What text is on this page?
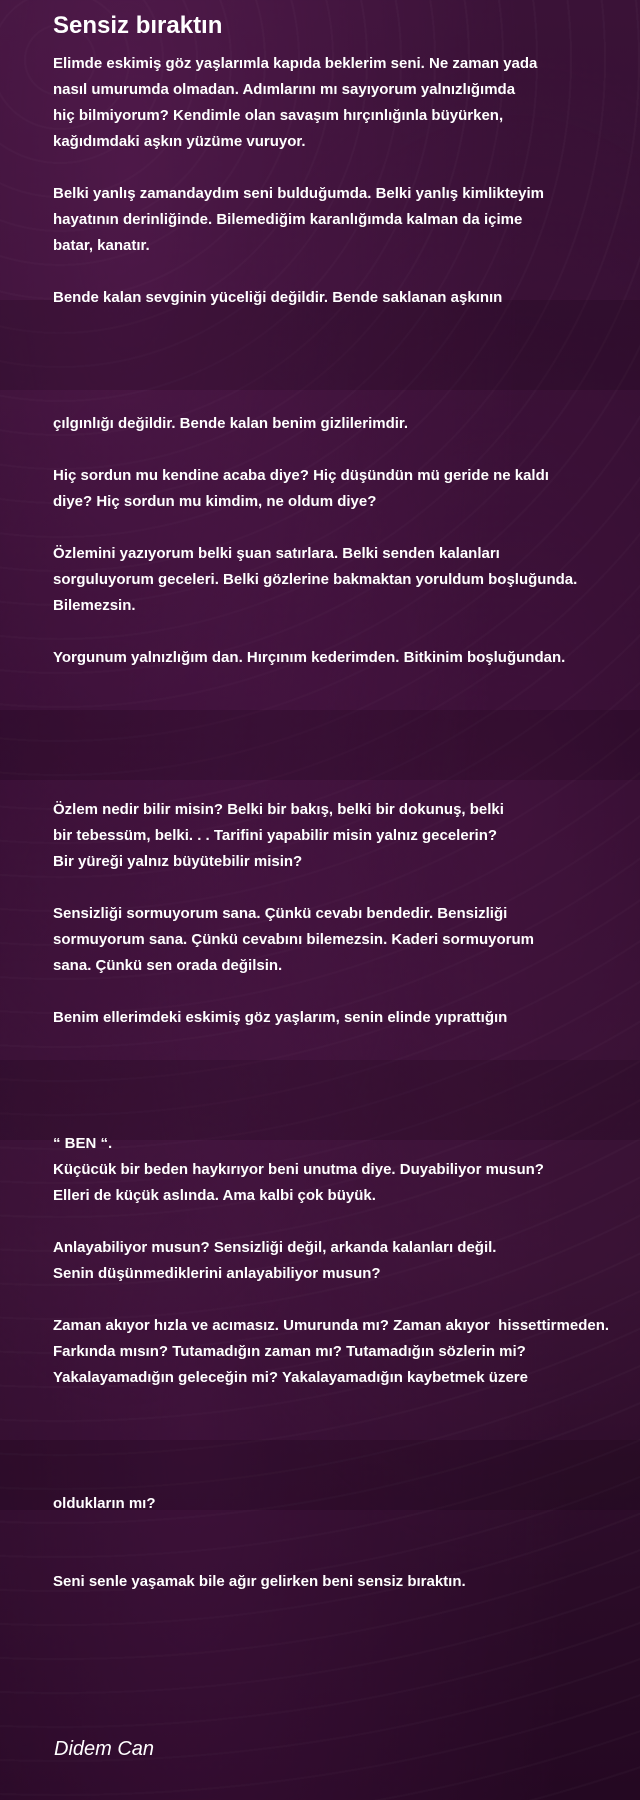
Sensiz bıraktın

Elimde eskimiş göz yaşlarımla kapıda beklerim seni. Ne zaman yada
nasıl umurumda olmadan. Adımlarını mı sayıyorum yalnızlığımda
hiç bilmiyorum? Kendimle olan savaşım hırçınlığınla büyürken,
kağıdımdaki aşkın yüzüme vuruyor.

Belki yanlış zamandaydım seni bulduğumda. Belki yanlış kimlikteyim
hayatının derinliğinde. Bilemediğim karanlığımda kalman da içime
batar, kanatır.

Bende kalan sevginin yüceliği değildir. Bende saklanan aşkının

çılgınlığı değildir. Bende kalan benim gizlilerimdir.

Hiç sordun mu kendine acaba diye? Hiç düşündün mü geride ne kaldı
diye? Hiç sordun mu kimdim, ne oldum diye?

Özlemini yazıyorum belki şuan satırlara. Belki senden kalanları
sorguluyorum geceleri. Belki gözlerine bakmaktan yoruldum boşluğunda.
Bilemezsin.

Yorgunum yalnızlığım dan. Hırçınım kederimden. Bitkinim boşluğundan.

Özlem nedir bilir misin? Belki bir bakış, belki bir dokunuş, belki
bir tebessüm, belki. . . Tarifini yapabilir misin yalnız gecelerin?
Bir yüreği yalnız büyütebilir misin?

Sensizliği sormuyorum sana. Çünkü cevabı bendedir. Bensizliği
sormuyorum sana. Çünkü cevabını bilemezsin. Kaderi sormuyorum
sana. Çünkü sen orada değilsin.

Benim ellerimdeki eskimiş göz yaşlarım, senin elinde yıprattığın

“ BEN “.
Küçücük bir beden haykırıyor beni unutma diye. Duyabiliyor musun?
Elleri de küçük aslında. Ama kalbi çok büyük.

Anlayabiliyor musun? Sensizliği değil, arkanda kalanları değil.
Senin düşünmediklerini anlayabiliyor musun?

Zaman akıyor hızla ve acımasız. Umurunda mı? Zaman akıyor  hissettirmeden.
Farkında mısın? Tutamadığın zaman mı? Tutamadığın sözlerin mi?
Yakalayamadığın geleceğin mi? Yakalayamadığın kaybetmek üzere

oldukların mı?

Seni senle yaşamak bile ağır gelirken beni sensiz bıraktın.

Didem Can
